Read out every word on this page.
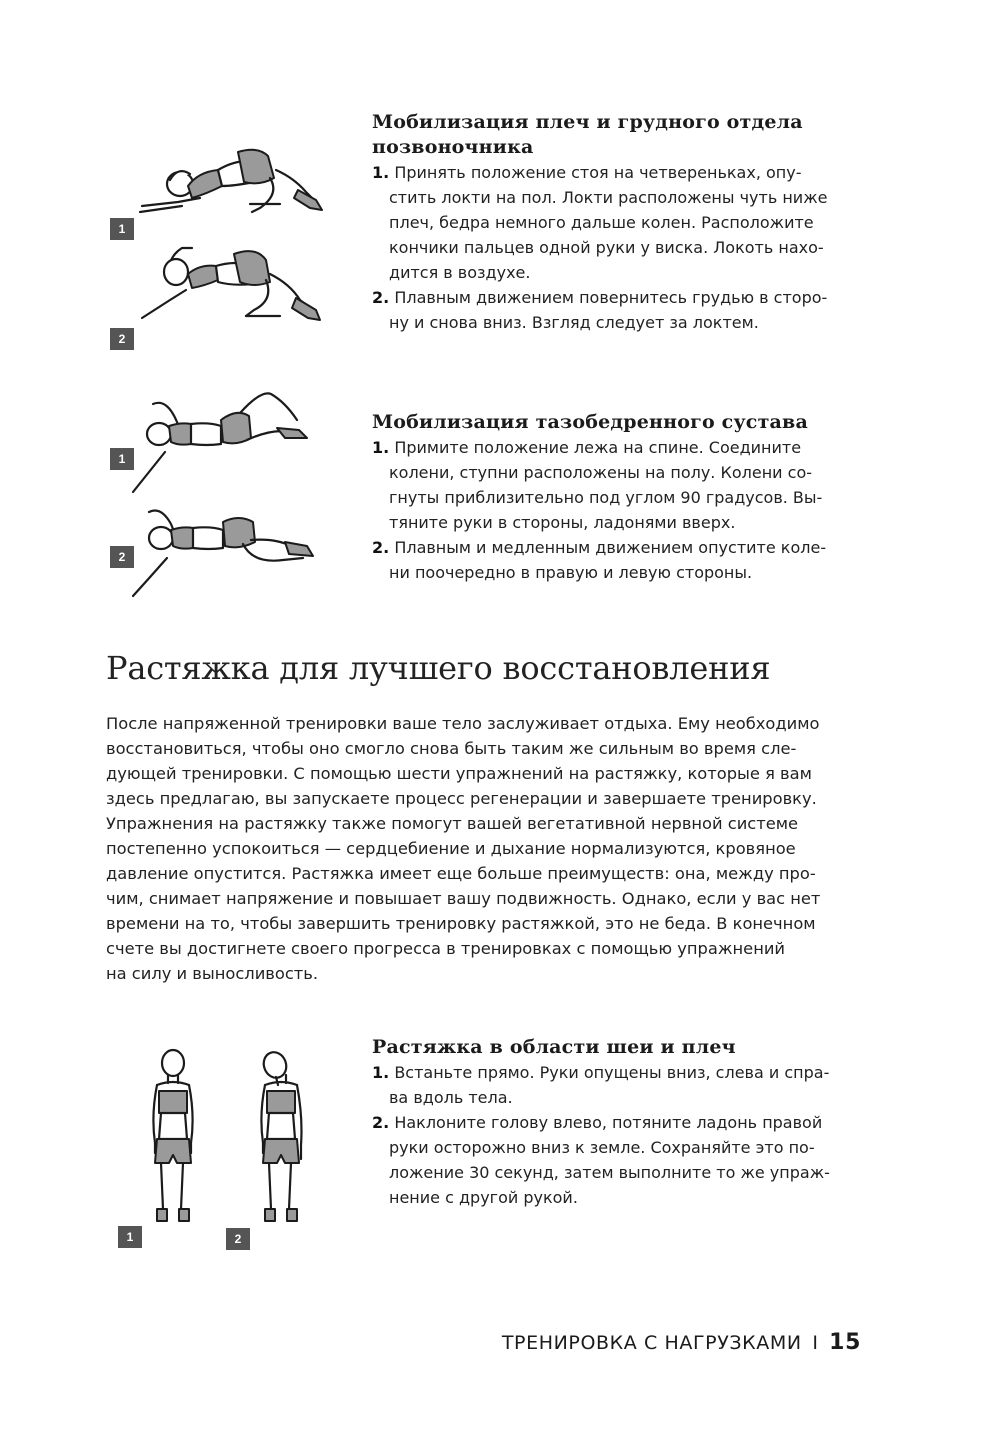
1
2
Мобилизация плеч и грудного отдела
позвоночника
1. Принять положение стоя на четвереньках, опу-
стить локти на пол. Локти расположены чуть ниже
плеч, бедра немного дальше колен. Расположите
кончики пальцев одной руки у виска. Локоть нахо-
дится в воздухе.
2. Плавным движением повернитесь грудью в сторо-
ну и снова вниз. Взгляд следует за локтем.
1
2
Мобилизация тазобедренного сустава
1. Примите положение лежа на спине. Соедините
колени, ступни расположены на полу. Колени со-
гнуты приблизительно под углом 90 градусов. Вы-
тяните руки в стороны, ладонями вверх.
2. Плавным и медленным движением опустите коле-
ни поочередно в правую и левую стороны.
Растяжка для лучшего восстановления
После напряженной тренировки ваше тело заслуживает отдыха. Ему необходимо
восстановиться, чтобы оно смогло снова быть таким же сильным во время сле-
дующей тренировки. С помощью шести упражнений на растяжку, которые я вам
здесь предлагаю, вы запускаете процесс регенерации и завершаете тренировку.
Упражнения на растяжку также помогут вашей вегетативной нервной системе
постепенно успокоиться — сердцебиение и дыхание нормализуются, кровяное
давление опустится. Растяжка имеет еще больше преимуществ: она, между про-
чим, снимает напряжение и повышает вашу подвижность. Однако, если у вас нет
времени на то, чтобы завершить тренировку растяжкой, это не беда. В конечном
счете вы достигнете своего прогресса в тренировках с помощью упражнений
на силу и выносливость.
1	2
Растяжка в области шеи и плеч
1. Встаньте прямо. Руки опущены вниз, слева и спра-
ва вдоль тела.
2. Наклоните голову влево, потяните ладонь правой
руки осторожно вниз к земле. Сохраняйте это по-
ложение 30 секунд, затем выполните то же упраж-
нение с другой рукой.
ТРЕНИРОВКА С НАГРУЗКАМИ I 15
